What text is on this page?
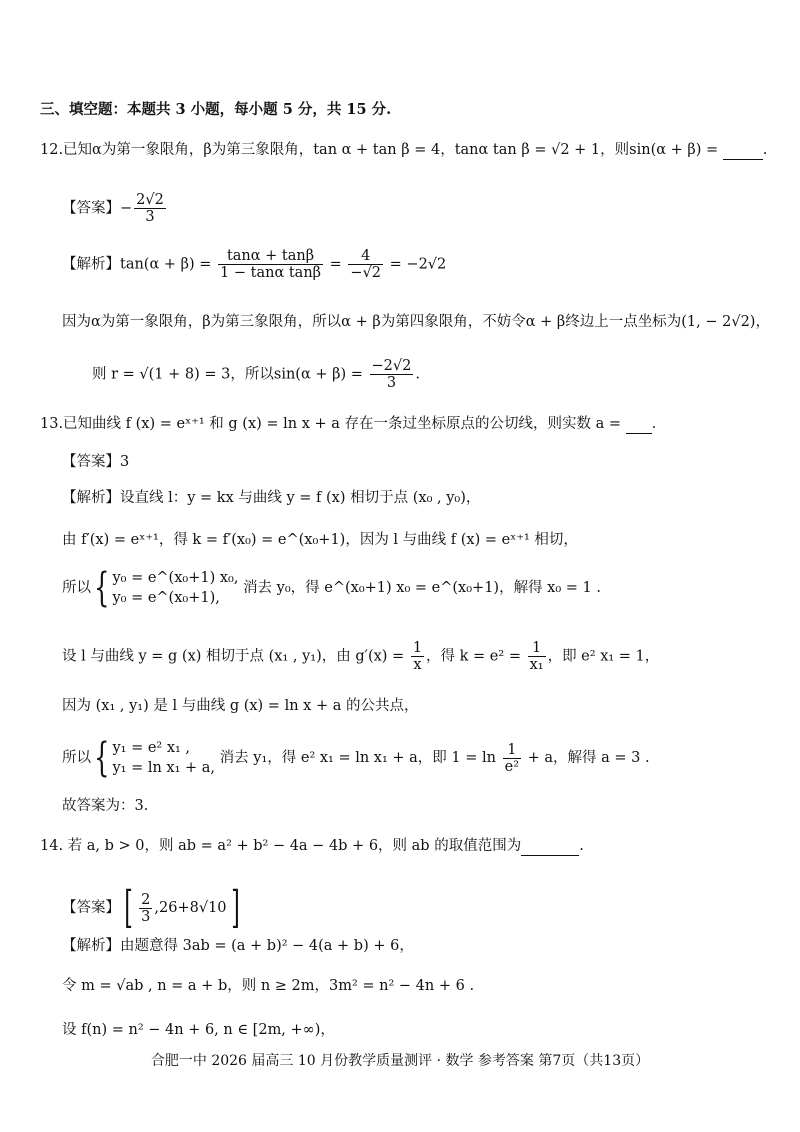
三、填空题：本题共 3 小题，每小题 5 分，共 15 分.
12.已知α为第一象限角，β为第三象限角，tan α + tan β = 4，tanα tan β = √2 + 1，则sin(α + β) =	.
【答案】− $\frac{2√2}{3}$
【解析】$\tan(\alpha + \beta) = \frac{\tan\alpha + \tan\beta}{\text{1 − tanα tanβ}} = \frac{4}{-√2} = -2√2$
因为α为第一象限角，β为第三象限角，所以α + β为第四象限角，不妨令α + β终边上一点坐标为(1, − 2√2)，
则 r = √(1 + 8) = 3，所以$\sin(\alpha + \beta) = \frac{-2√2}{3}$ .
13.已知曲线 f (x) = eˣ⁺¹ 和 g (x) = ln x + a 存在一条过坐标原点的公切线，则实数 a = .
【答案】3
【解析】设直线 l：y = kx 与曲线 y = f (x) 相切于点 (x₀ , y₀)，
由 f′(x) = eˣ⁺¹，得 k = f′(x₀) = e^(x₀+1)，因为 l 与曲线 f (x) = eˣ⁺¹ 相切，
所以{ y₀ = e^(x₀+1) x₀,
y₀ = e^(x₀+1),
消去 y₀，得 e^(x₀+1) x₀ = e^(x₀+1)，解得 x₀ = 1 .
设 l 与曲线 y = g (x) 相切于点 (x₁ , y₁)，由 $g'(x) = \frac{1}{x}$ ，得 $k = e^2 = \frac{1}{\text{x₁}}$ ，即 e² x₁ = 1，
因为 (x₁ , y₁) 是 l 与曲线 g (x) = ln x + a 的公共点，
所以{ y₁ = e² x₁ ,
y₁ = ln x₁ + a,
消去 y₁，得 e² x₁ = ln x₁ + a，即 $1 = \ln \frac{1}{\text{e²}} + a$，解得 a = 3 .
故答案为：3.
14. 若 a, b > 0，则 ab = a² + b² − 4a − 4b + 6，则 ab 的取值范围为	.
【答案】[ $\frac{2}{3} ,26+8√10$]
【解析】由题意得 3ab = (a + b)² − 4(a + b) + 6，
令 m = √ab , n = a + b，则 n ≥ 2m，3m² = n² − 4n + 6 .
设 f(n) = n² − 4n + 6, n ∈ [2m, +∞)，
合肥一中 2026 届高三 10 月份教学质量测评 · 数学 参考答案 第7页（共13页）
